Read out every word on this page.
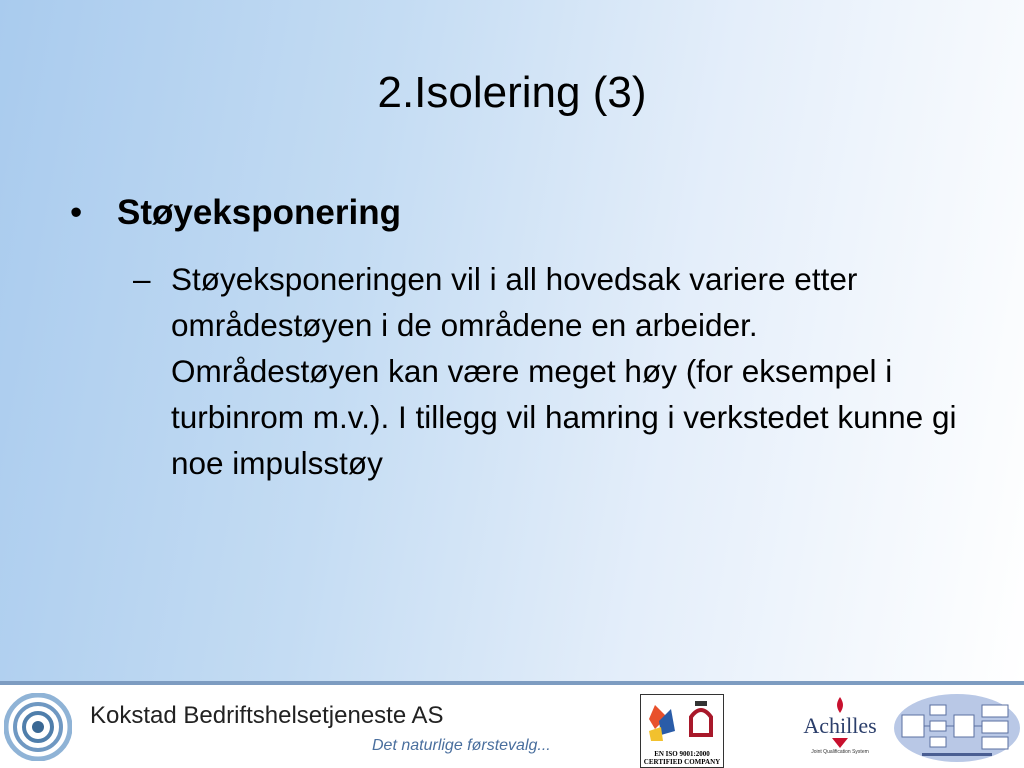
2.Isolering (3)
• Støyeksponering
– Støyeksponeringen vil i all hovedsak variere etter områdestøyen i de områdene en arbeider. Områdestøyen kan være meget høy (for eksempel i turbinrom m.v.). I tillegg vil hamring i verkstedet kunne gi noe impulsstøy
Kokstad Bedriftshelsetjeneste AS
Det naturlige førstevalg...	EN ISO 9001:2000
CERTIFIED COMPANY
Achilles
Joint Qualification System
